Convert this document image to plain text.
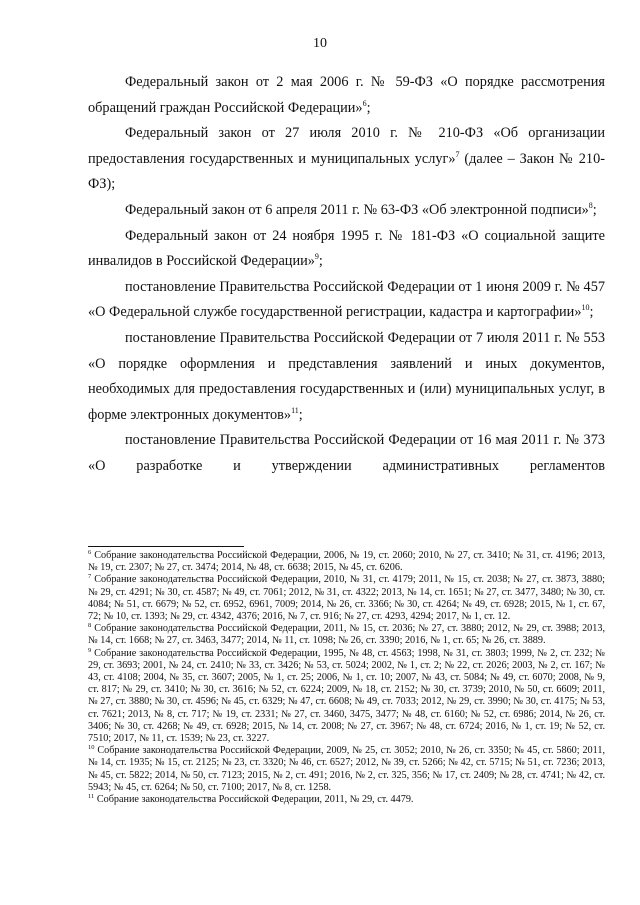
10

Федеральный закон от 2 мая 2006 г. № 59-ФЗ «О порядке рассмотрения обращений граждан Российской Федерации»$^6$;

Федеральный закон от 27 июля 2010 г. № 210-ФЗ «Об организации предоставления государственных и муниципальных услуг»$^7$ (далее – Закон № 210-ФЗ);

Федеральный закон от 6 апреля 2011 г. № 63-ФЗ «Об электронной подписи»$^8$;

Федеральный закон от 24 ноября 1995 г. № 181-ФЗ «О социальной защите инвалидов в Российской Федерации»$^9$;

постановление Правительства Российской Федерации от 1 июня 2009 г. № 457 «О Федеральной службе государственной регистрации, кадастра и картографии»$^{10}$;

постановление Правительства Российской Федерации от 7 июля 2011 г. № 553 «О порядке оформления и представления заявлений и иных документов, необходимых для предоставления государственных и (или) муниципальных услуг, в форме электронных документов»$^{11}$;

постановление Правительства Российской Федерации от 16 мая 2011 г. № 373 «О разработке и утверждении административных регламентов

$^6$ Собрание законодательства Российской Федерации, 2006, № 19, ст. 2060; 2010, № 27, ст. 3410; № 31, ст. 4196; 2013, № 19, ст. 2307; № 27, ст. 3474; 2014, № 48, ст. 6638; 2015, № 45, ст. 6206.

$^7$ Собрание законодательства Российской Федерации, 2010, № 31, ст. 4179; 2011, № 15, ст. 2038; № 27, ст. 3873, 3880; № 29, ст. 4291; № 30, ст. 4587; № 49, ст. 7061; 2012, № 31, ст. 4322; 2013, № 14, ст. 1651; № 27, ст. 3477, 3480; № 30, ст. 4084; № 51, ст. 6679; № 52, ст. 6952, 6961, 7009; 2014, № 26, ст. 3366; № 30, ст. 4264; № 49, ст. 6928; 2015, № 1, ст. 67, 72; № 10, ст. 1393; № 29, ст. 4342, 4376; 2016, № 7, ст. 916; № 27, ст. 4293, 4294; 2017, № 1, ст. 12.

$^8$ Собрание законодательства Российской Федерации, 2011, № 15, ст. 2036; № 27, ст. 3880; 2012, № 29, ст. 3988; 2013, № 14, ст. 1668; № 27, ст. 3463, 3477; 2014, № 11, ст. 1098; № 26, ст. 3390; 2016, № 1, ст. 65; № 26, ст. 3889.

$^9$ Собрание законодательства Российской Федерации, 1995, № 48, ст. 4563; 1998, № 31, ст. 3803; 1999, № 2, ст. 232; № 29, ст. 3693; 2001, № 24, ст. 2410; № 33, ст. 3426; № 53, ст. 5024; 2002, № 1, ст. 2; № 22, ст. 2026; 2003, № 2, ст. 167; № 43, ст. 4108; 2004, № 35, ст. 3607; 2005, № 1, ст. 25; 2006, № 1, ст. 10; 2007, № 43, ст. 5084; № 49, ст. 6070; 2008, № 9, ст. 817; № 29, ст. 3410; № 30, ст. 3616; № 52, ст. 6224; 2009, № 18, ст. 2152; № 30, ст. 3739; 2010, № 50, ст. 6609; 2011, № 27, ст. 3880; № 30, ст. 4596; № 45, ст. 6329; № 47, ст. 6608; № 49, ст. 7033; 2012, № 29, ст. 3990; № 30, ст. 4175; № 53, ст. 7621; 2013, № 8, ст. 717; № 19, ст. 2331; № 27, ст. 3460, 3475, 3477; № 48, ст. 6160; № 52, ст. 6986; 2014, № 26, ст. 3406; № 30, ст. 4268; № 49, ст. 6928; 2015, № 14, ст. 2008; № 27, ст. 3967; № 48, ст. 6724; 2016, № 1, ст. 19; № 52, ст. 7510; 2017, № 11, ст. 1539; № 23, ст. 3227.

$^{10}$ Собрание законодательства Российской Федерации, 2009, № 25, ст. 3052; 2010, № 26, ст. 3350; № 45, ст. 5860; 2011, № 14, ст. 1935; № 15, ст. 2125; № 23, ст. 3320; № 46, ст. 6527; 2012, № 39, ст. 5266; № 42, ст. 5715; № 51, ст. 7236; 2013, № 45, ст. 5822; 2014, № 50, ст. 7123; 2015, № 2, ст. 491; 2016, № 2, ст. 325, 356; № 17, ст. 2409; № 28, ст. 4741; № 42, ст. 5943; № 45, ст. 6264; № 50, ст. 7100; 2017, № 8, ст. 1258.

$^{11}$ Собрание законодательства Российской Федерации, 2011, № 29, ст. 4479.
